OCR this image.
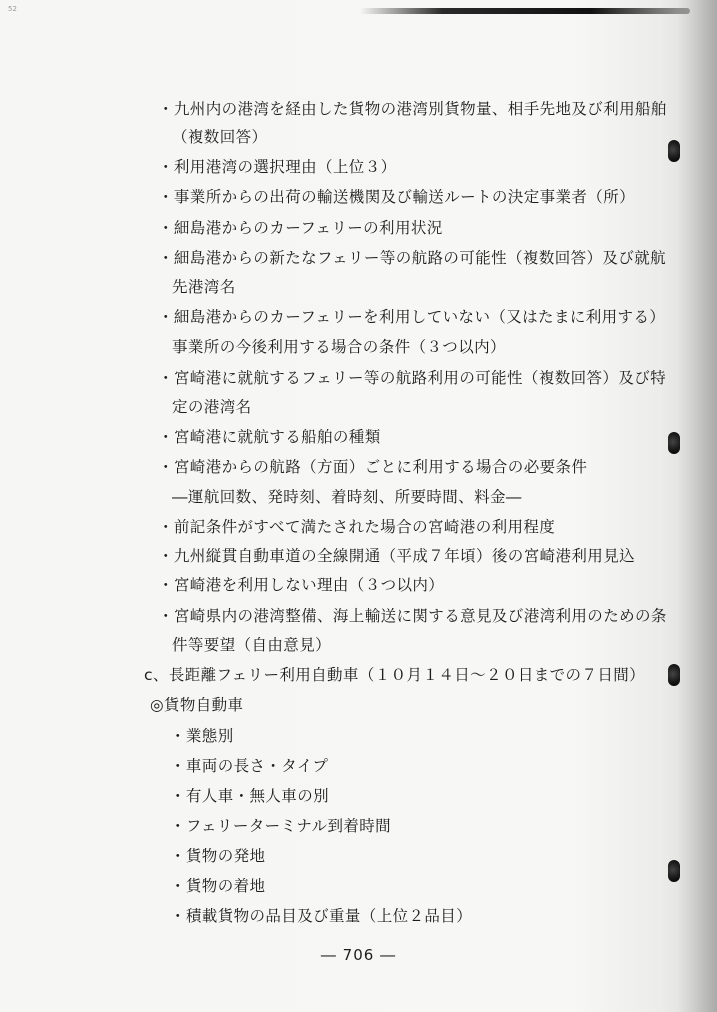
52
・九州内の港湾を経由した貨物の港湾別貨物量、相手先地及び利用船舶
（複数回答）
・利用港湾の選択理由（上位３）
・事業所からの出荷の輸送機関及び輸送ルートの決定事業者（所）
・細島港からのカーフェリーの利用状況
・細島港からの新たなフェリー等の航路の可能性（複数回答）及び就航
先港湾名
・細島港からのカーフェリーを利用していない（又はたまに利用する）
事業所の今後利用する場合の条件（３つ以内）
・宮崎港に就航するフェリー等の航路利用の可能性（複数回答）及び特
定の港湾名
・宮崎港に就航する船舶の種類
・宮崎港からの航路（方面）ごとに利用する場合の必要条件
―運航回数、発時刻、着時刻、所要時間、料金―
・前記条件がすべて満たされた場合の宮崎港の利用程度
・九州縦貫自動車道の全線開通（平成７年頃）後の宮崎港利用見込
・宮崎港を利用しない理由（３つ以内）
・宮崎県内の港湾整備、海上輸送に関する意見及び港湾利用のための条
件等要望（自由意見）
c、長距離フェリー利用自動車（１０月１４日～２０日までの７日間）
◎貨物自動車
・業態別
・車両の長さ・タイプ
・有人車・無人車の別
・フェリーターミナル到着時間
・貨物の発地
・貨物の着地
・積載貨物の品目及び重量（上位２品目）
― 706 ―
